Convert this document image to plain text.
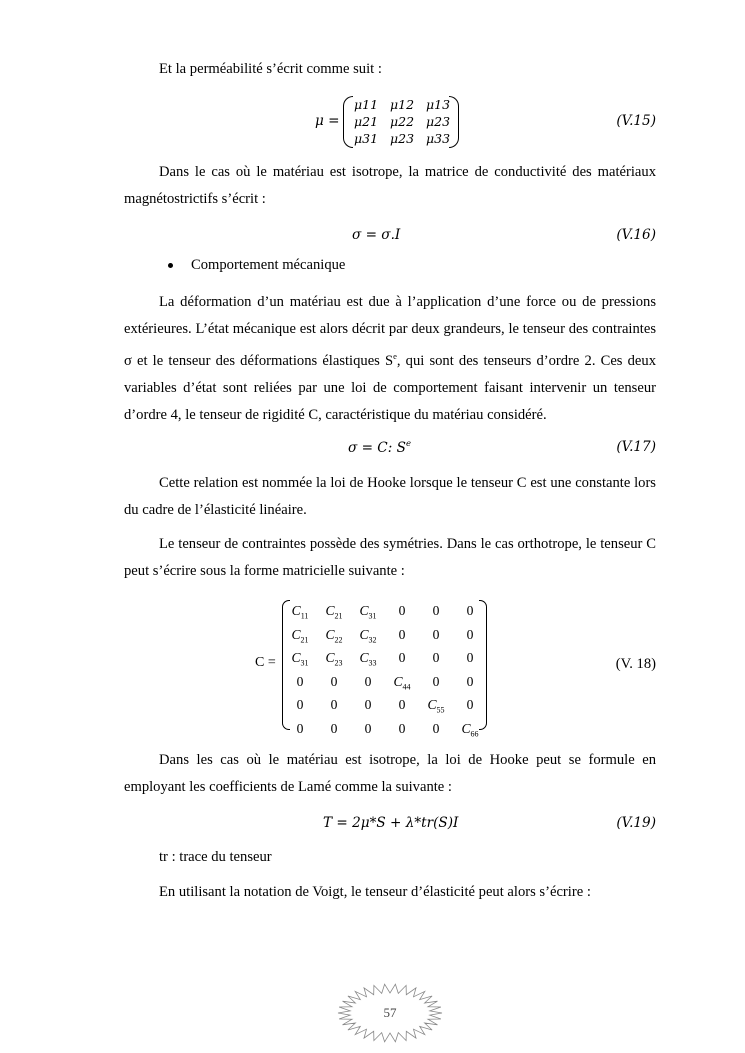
Et la perméabilité s’écrit comme suit :
μ =
μ11 μ12 μ13
μ21 μ22 μ23
μ31 μ23 μ33
(V.15)
Dans le cas où le matériau est isotrope, la matrice de conductivité des matériaux
magnétostrictifs s’écrit :
σ = σ.I	(V.16)
Comportement mécanique
La déformation d’un matériau est due à l’application d’une force ou de pressions extérieures. L’état mécanique est alors décrit par deux grandeurs, le tenseur des contraintes σ et le tenseur des déformations élastiques $S^e$, qui sont des tenseurs d’ordre 2. Ces deux variables d’état sont reliées par une loi de comportement faisant intervenir un tenseur d’ordre 4, le tenseur de rigidité C, caractéristique du matériau considéré.
σ = C: $S^e$	(V.17)
Cette relation est nommée la loi de Hooke lorsque le tenseur C est une constante lors du cadre de l’élasticité linéaire.
Le tenseur de contraintes possède des symétries. Dans le cas orthotrope, le tenseur C peut s’écrire sous la forme matricielle suivante :
C =
$C_{11}$	$C_{21}$	$C_{31}$	0	0	0
$C_{21}$	$C_{22}$	$C_{32}$	0	0	0
$C_{31}$	$C_{23}$	$C_{33}$	0	0	0
0	0	0	$C_{44}$	0	0
0	0	0	0	$C_{55}$	0
0	0	0	0	0	$C_{66}$
(V. 18)
Dans les cas où le matériau est isotrope, la loi de Hooke peut se formule en employant les coefficients de Lamé comme la suivante :
T = 2μ*S + λ*tr(S)I	(V.19)
tr : trace du tenseur
En utilisant la notation de Voigt, le tenseur d’élasticité peut alors s’écrire :
57
